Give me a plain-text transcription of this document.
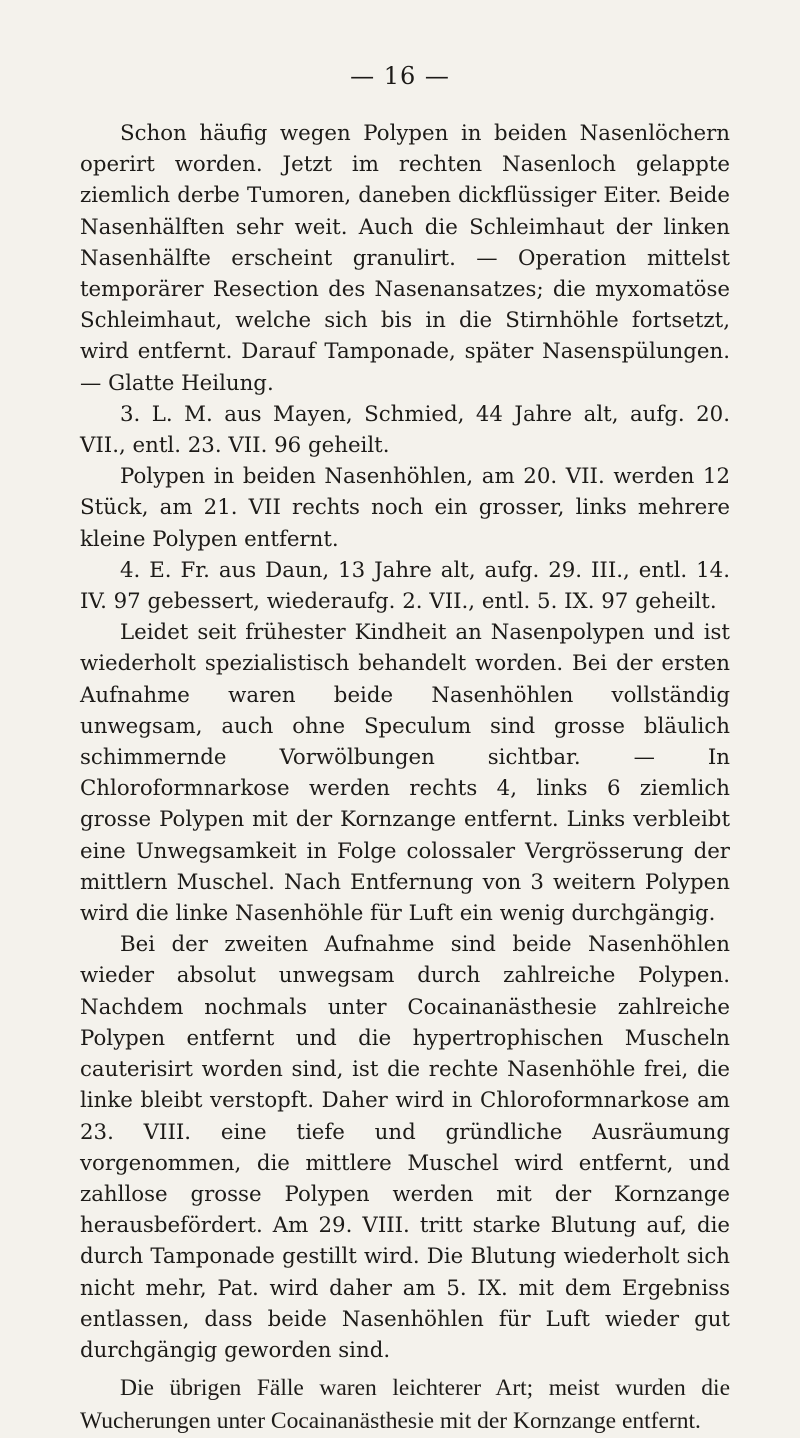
— 16 —

Schon häufig wegen Polypen in beiden Nasenlöchern operirt worden. Jetzt im rechten Nasenloch gelappte ziemlich derbe Tumoren, daneben dickflüssiger Eiter. Beide Nasenhälften sehr weit. Auch die Schleimhaut der linken Nasenhälfte erscheint granulirt. — Operation mittelst temporärer Resection des Nasenansatzes; die myxomatöse Schleimhaut, welche sich bis in die Stirnhöhle fortsetzt, wird entfernt. Darauf Tamponade, später Nasenspülungen. — Glatte Heilung.

3. L. M. aus Mayen, Schmied, 44 Jahre alt, aufg. 20. VII., entl. 23. VII. 96 geheilt.

Polypen in beiden Nasenhöhlen, am 20. VII. werden 12 Stück, am 21. VII rechts noch ein grosser, links mehrere kleine Polypen entfernt.

4. E. Fr. aus Daun, 13 Jahre alt, aufg. 29. III., entl. 14. IV. 97 gebessert, wiederaufg. 2. VII., entl. 5. IX. 97 geheilt.

Leidet seit frühester Kindheit an Nasenpolypen und ist wiederholt spezialistisch behandelt worden. Bei der ersten Aufnahme waren beide Nasenhöhlen vollständig unwegsam, auch ohne Speculum sind grosse bläulich schimmernde Vorwölbungen sichtbar. — In Chloroformnarkose werden rechts 4, links 6 ziemlich grosse Polypen mit der Kornzange entfernt. Links verbleibt eine Unwegsamkeit in Folge colossaler Vergrösserung der mittlern Muschel. Nach Entfernung von 3 weitern Polypen wird die linke Nasenhöhle für Luft ein wenig durchgängig.

Bei der zweiten Aufnahme sind beide Nasenhöhlen wieder absolut unwegsam durch zahlreiche Polypen. Nachdem nochmals unter Cocainanästhesie zahlreiche Polypen entfernt und die hypertrophischen Muscheln cauterisirt worden sind, ist die rechte Nasenhöhle frei, die linke bleibt verstopft. Daher wird in Chloroformnarkose am 23. VIII. eine tiefe und gründliche Ausräumung vorgenommen, die mittlere Muschel wird entfernt, und zahllose grosse Polypen werden mit der Kornzange herausbefördert. Am 29. VIII. tritt starke Blutung auf, die durch Tamponade gestillt wird. Die Blutung wiederholt sich nicht mehr, Pat. wird daher am 5. IX. mit dem Ergebniss entlassen, dass beide Nasenhöhlen für Luft wieder gut durchgängig geworden sind.

Die übrigen Fälle waren leichterer Art; meist wurden die Wucherungen unter Cocainanästhesie mit der Kornzange entfernt.
